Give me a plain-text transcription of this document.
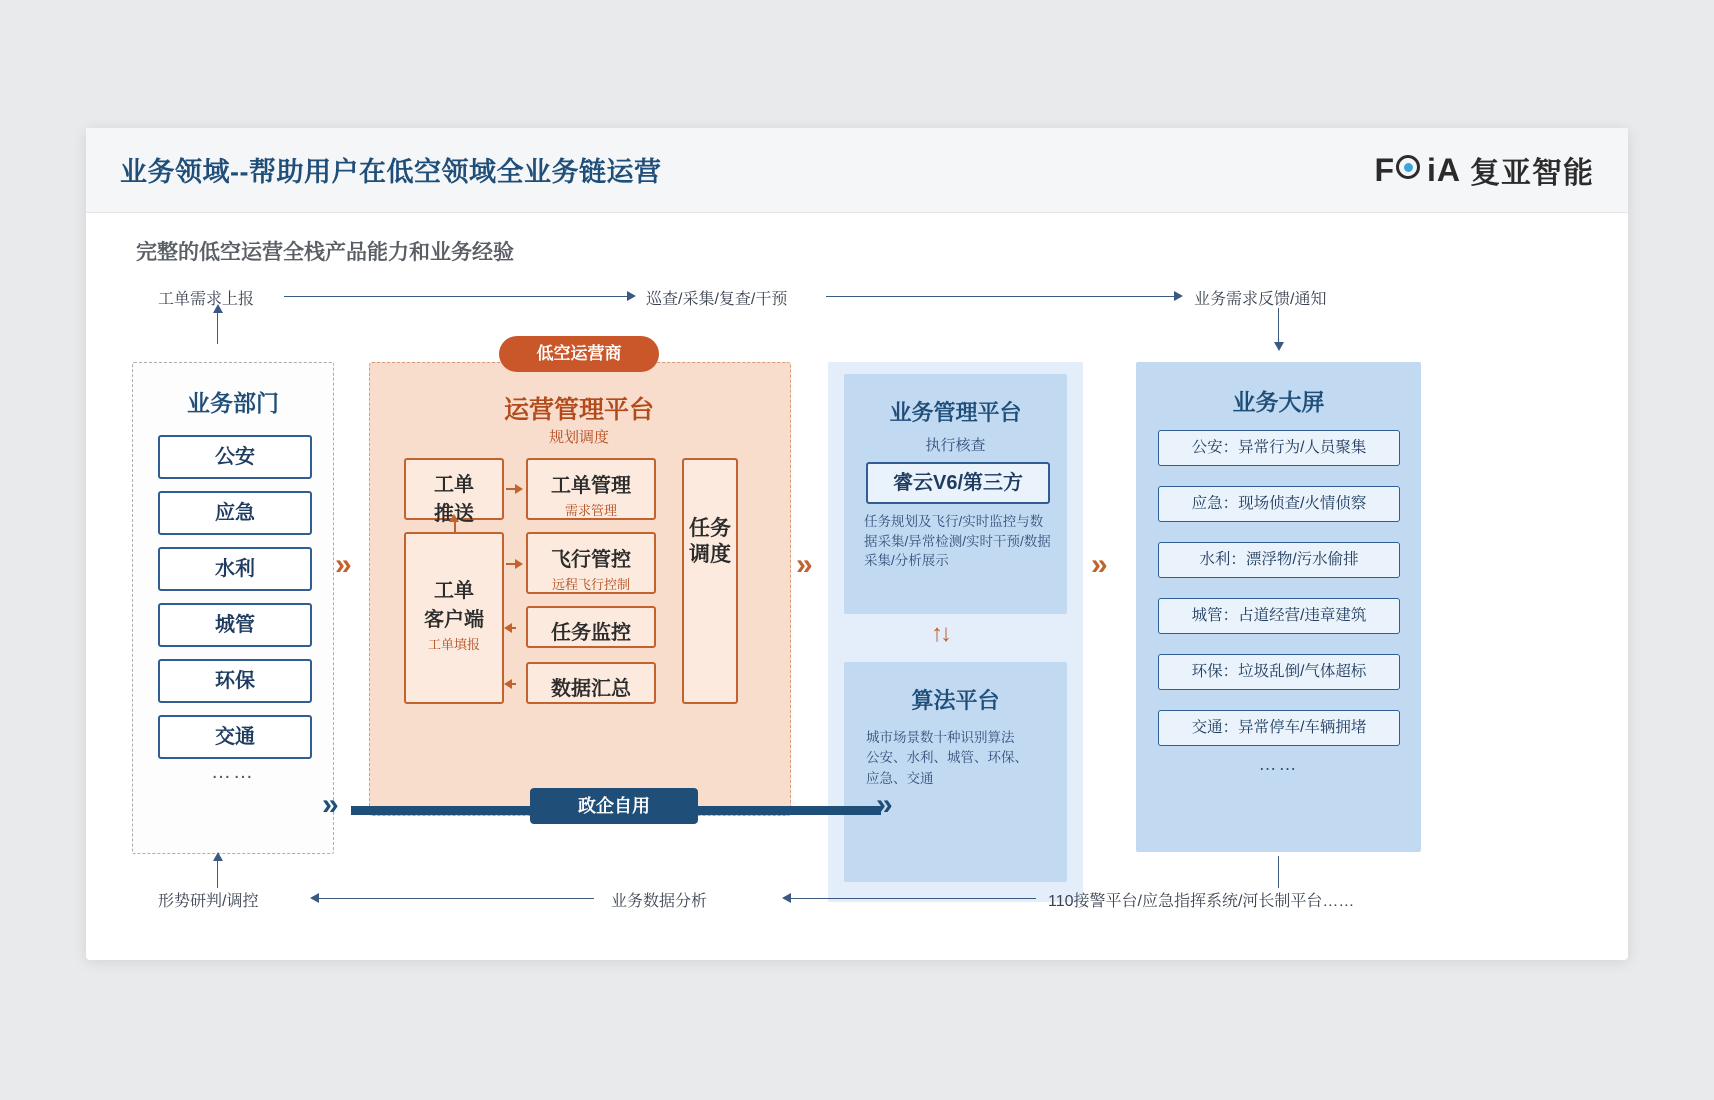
业务领域--帮助用户在低空领域全业务链运营	F iA 复亚智能
完整的低空运营全栈产品能力和业务经验
工单需求上报	巡查/采集/复查/干预	业务需求反馈/通知
业务部门
公安
应急
水利
城管
环保
交通
……
»
低空运营商
运营管理平台
规划调度
工单
推送
工单管理
需求管理
飞行管控
远程飞行控制
任务监控
数据汇总
工单
客户端
工单填报
任务调度 »
业务管理平台
执行核查
睿云V6/第三方
任务规划及飞行/实时监控与数据采集/异常检测/实时干预/数据采集/分析展示
↑↓
算法平台
城市场景数十种识别算法
公安、水利、城管、环保、
应急、交通
»
业务大屏
公安：异常行为/人员聚集
应急：现场侦查/火情侦察
水利：漂浮物/污水偷排
城管：占道经营/违章建筑
环保：垃圾乱倒/气体超标
交通：异常停车/车辆拥堵
……
»	»
政企自用
形势研判/调控	业务数据分析	110接警平台/应急指挥系统/河长制平台……
